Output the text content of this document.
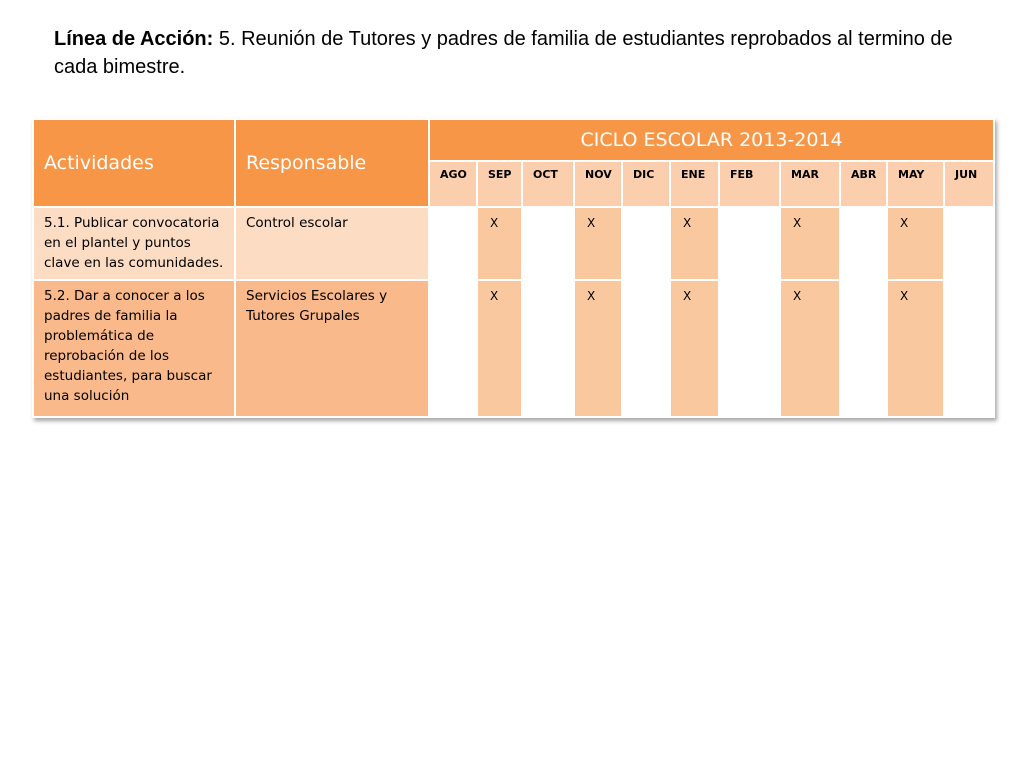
Línea de Acción: 5. Reunión de Tutores y padres de familia de estudiantes reprobados al termino de cada bimestre.
Actividades	Responsable	CICLO ESCOLAR 2013-2014										
		AGO	SEP	OCT	NOV	DIC	ENE	FEB	MAR	ABR	MAY	JUN
5.1. Publicar convocatoria en el plantel y puntos clave en las comunidades.	Control escolar		X		X		X		X		X	
5.2. Dar a conocer a los padres de familia la problemática de reprobación de los estudiantes, para buscar una solución	Servicios Escolares y Tutores Grupales		X		X		X		X		X	
